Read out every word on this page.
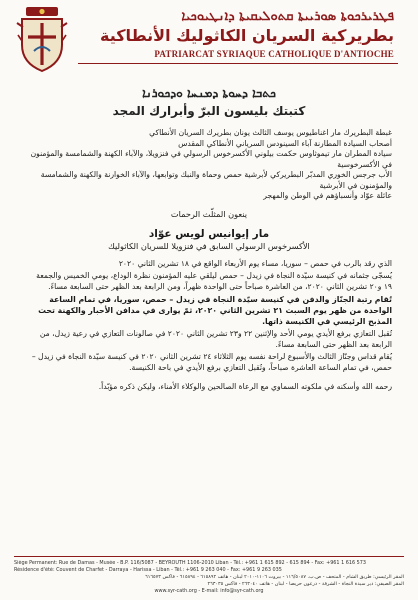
ܦܛܪܝܪܟܘܬܐ ܣܘܪܝܝܬܐ ܩܬܘܠܝܩܝܬܐ ܕܐܢܛܝܘܟܝܐ
بطريركية السريان الكاثوليك الأنطاكية
PATRIARCAT SYRIAQUE CATHOLIQUE D'ANTIOCHE
ܟܬܒܐ ܕܚܘܬܐ ܕܡܢܚܐ ܘܕܟܘܪܢܐ
كتبتك بليسون البرّ وأبرارك المجد

غبطة البطريرك مار اغناطيوس يوسف الثالث يونان بطريرك السريان الأنطاكي

أصحاب السيادة المطارنة آباء السينودس السرياني الأنطاكي المقدس

سيادة المطران مار تيموثاوس حكمت بيلوني الأكسرخوس الرسولي في فنزويلا، والآباء الكهنة والشمامسة والمؤمنون في الأكسرخوسية

الأب جرجس الخوري المدبّر البطريركي لأبرشية حمص وحماة والنبك وتوابعها، والآباء الخوارنة والكهنة والشمامسة والمؤمنون في الأبرشية

عائلة عوّاد وأنسباؤهم في الوطن والمهجر

ينعون المثلّث الرحمات

مار إيوانيس لويس عوّاد

الأكسرخوس الرسولي السابق في فنزويلا للسريان الكاثوليك

الذي رقد بالرب في حمص – سوريا، مساء يوم الأربعاء الواقع في ١٨ تشرين الثاني ٢٠٢٠

يُسجّى جثمانه في كنيسة سيّدة النجاة في زيدل – حمص ليلقي عليه المؤمنون نظرة الوداع، يومي الخميس والجمعة ١٩ و٢٠ تشرين الثاني ٢٠٢٠، من العاشرة صباحاً حتى الواحدة ظهراً، ومن الرابعة بعد الظهر حتى السابعة مساءً.

تُقام رتبة الجنّاز والدفن في كنيسة سيّدة النجاة في زيدل – حمص، سوريا، في تمام الساعة الواحدة من ظهر يوم السبت ٢١ تشرين الثاني ٢٠٢٠، ثمّ يوارى في مدافن الأحبار والكهنة تحت المذبح الرئيسي في الكنيسة ذاتها.

تُقبل التعازي برفع الأيدي يومي الأحد والإثنين ٢٢ و٢٣ تشرين الثاني ٢٠٢٠ في صالونات التعازي في رعية زيدل، من الرابعة بعد الظهر حتى السابعة مساءً.

يُقام قداس وجنّاز الثالث والأسبوع لراحة نفسه يوم الثلاثاء ٢٤ تشرين الثاني ٢٠٢٠ في كنيسة سيّدة النجاة في زيدل – حمص، في تمام الساعة العاشرة صباحاً، وتُقبل التعازي برفع الأيدي في باحة الكنيسة.

رحمه الله وأسكنه في ملكوته السماوي مع الرعاة الصالحين والوكلاء الأمناء، وليكن ذكره مؤبّداً.

Siège Permanent: Rue de Damas - Musée - B.P. 116/5087 - BEYROUTH 1106-2010 Liban - Tél.: +961 1 615 892 - 615 894 - Fax: +961 1 616 573
Résidence d'été: Couvent de Charfet - Darraya - Harissa - Liban - Tél.: +961 9 263 040 - Fax: +961 9 263 035
المقر الرئيسي: طريق الشام - المتحف - ص.ب. ١١٦/٥٠٨٧ - بيروت ١١٠٦-٢٠١٠ لبنان - هاتف ٦١٥٨٩٢ - ٦١٥٨٩٤ - فاكس ٦١٦٥٧٣
المقر الصيفي: دير سيدة النجاة - الشرفة - درعون حريصا - لبنان - هاتف ٢٦٣٠٤٠ - فاكس ٢٦٣٠٣٥
www.syr-cath.org - E-mail: info@syr-cath.org
